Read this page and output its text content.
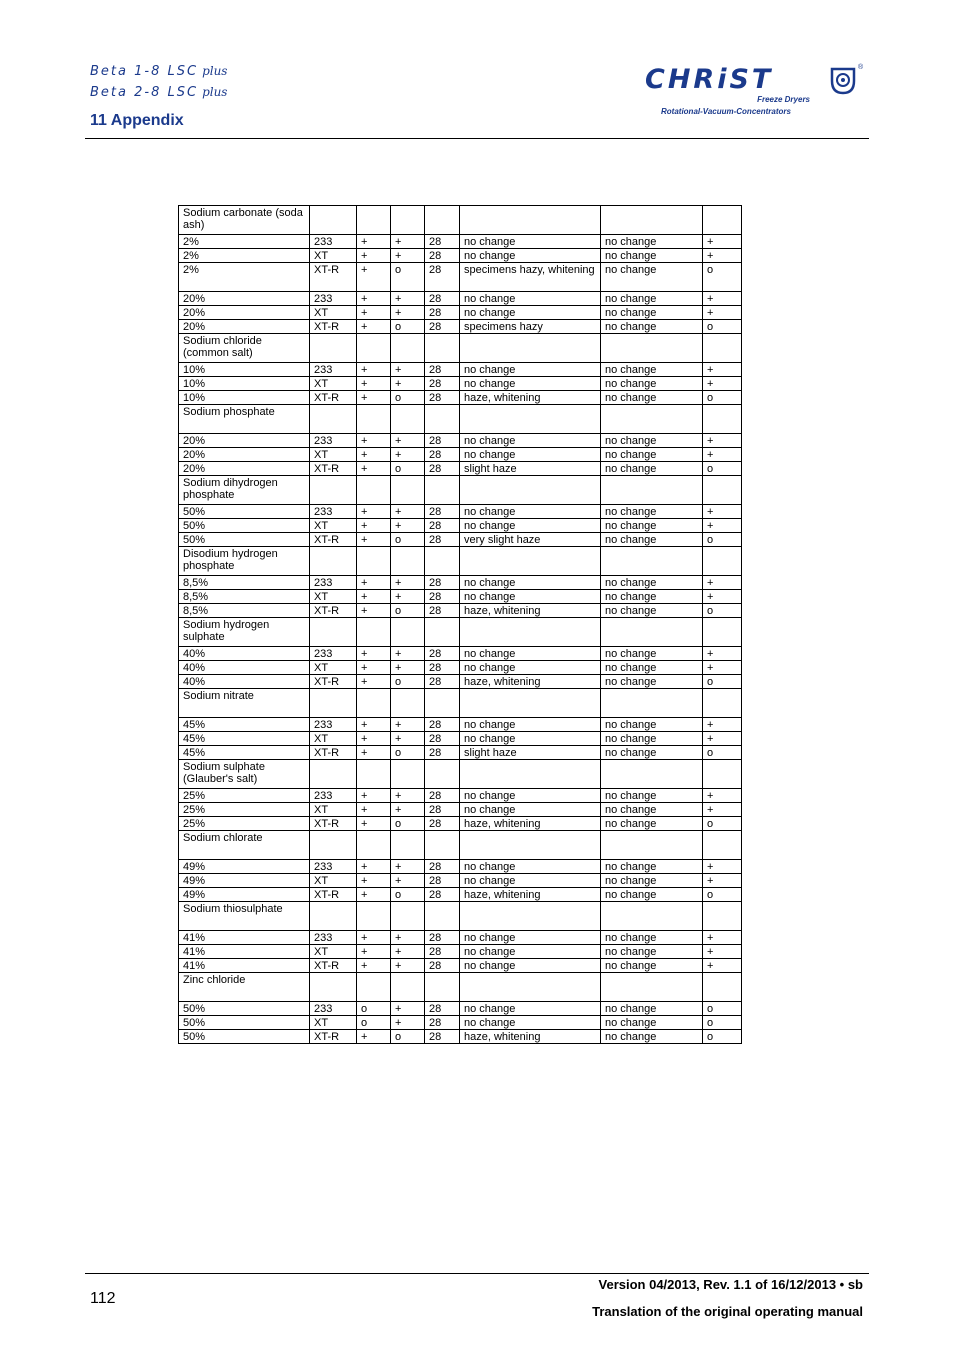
Beta 1-8 LSC plus
Beta 2-8 LSC plus
11 Appendix
CHRiST	®
Freeze Dryers
Rotational-Vacuum-Concentrators
Sodium carbonate (soda ash)							
2%	233	+	+	28	no change	no change	+
2%	XT	+	+	28	no change	no change	+
2%	XT-R	+	o	28	specimens hazy, whitening	no change	o
20%	233	+	+	28	no change	no change	+
20%	XT	+	+	28	no change	no change	+
20%	XT-R	+	o	28	specimens hazy	no change	o
Sodium chloride (common salt)							
10%	233	+	+	28	no change	no change	+
10%	XT	+	+	28	no change	no change	+
10%	XT-R	+	o	28	haze, whitening	no change	o
Sodium phosphate							
20%	233	+	+	28	no change	no change	+
20%	XT	+	+	28	no change	no change	+
20%	XT-R	+	o	28	slight haze	no change	o
Sodium dihydrogen phosphate							
50%	233	+	+	28	no change	no change	+
50%	XT	+	+	28	no change	no change	+
50%	XT-R	+	o	28	very slight haze	no change	o
Disodium hydrogen phosphate							
8,5%	233	+	+	28	no change	no change	+
8,5%	XT	+	+	28	no change	no change	+
8,5%	XT-R	+	o	28	haze, whitening	no change	o
Sodium hydrogen sulphate							
40%	233	+	+	28	no change	no change	+
40%	XT	+	+	28	no change	no change	+
40%	XT-R	+	o	28	haze, whitening	no change	o
Sodium nitrate							
45%	233	+	+	28	no change	no change	+
45%	XT	+	+	28	no change	no change	+
45%	XT-R	+	o	28	slight haze	no change	o
Sodium sulphate (Glauber's salt)							
25%	233	+	+	28	no change	no change	+
25%	XT	+	+	28	no change	no change	+
25%	XT-R	+	o	28	haze, whitening	no change	o
Sodium chlorate							
49%	233	+	+	28	no change	no change	+
49%	XT	+	+	28	no change	no change	+
49%	XT-R	+	o	28	haze, whitening	no change	o
Sodium thiosulphate							
41%	233	+	+	28	no change	no change	+
41%	XT	+	+	28	no change	no change	+
41%	XT-R	+	+	28	no change	no change	+
Zinc chloride							
50%	233	o	+	28	no change	no change	o
50%	XT	o	+	28	no change	no change	o
50%	XT-R	+	o	28	haze, whitening	no change	o
112
Version 04/2013, Rev. 1.1 of 16/12/2013 • sb
Translation of the original operating manual
